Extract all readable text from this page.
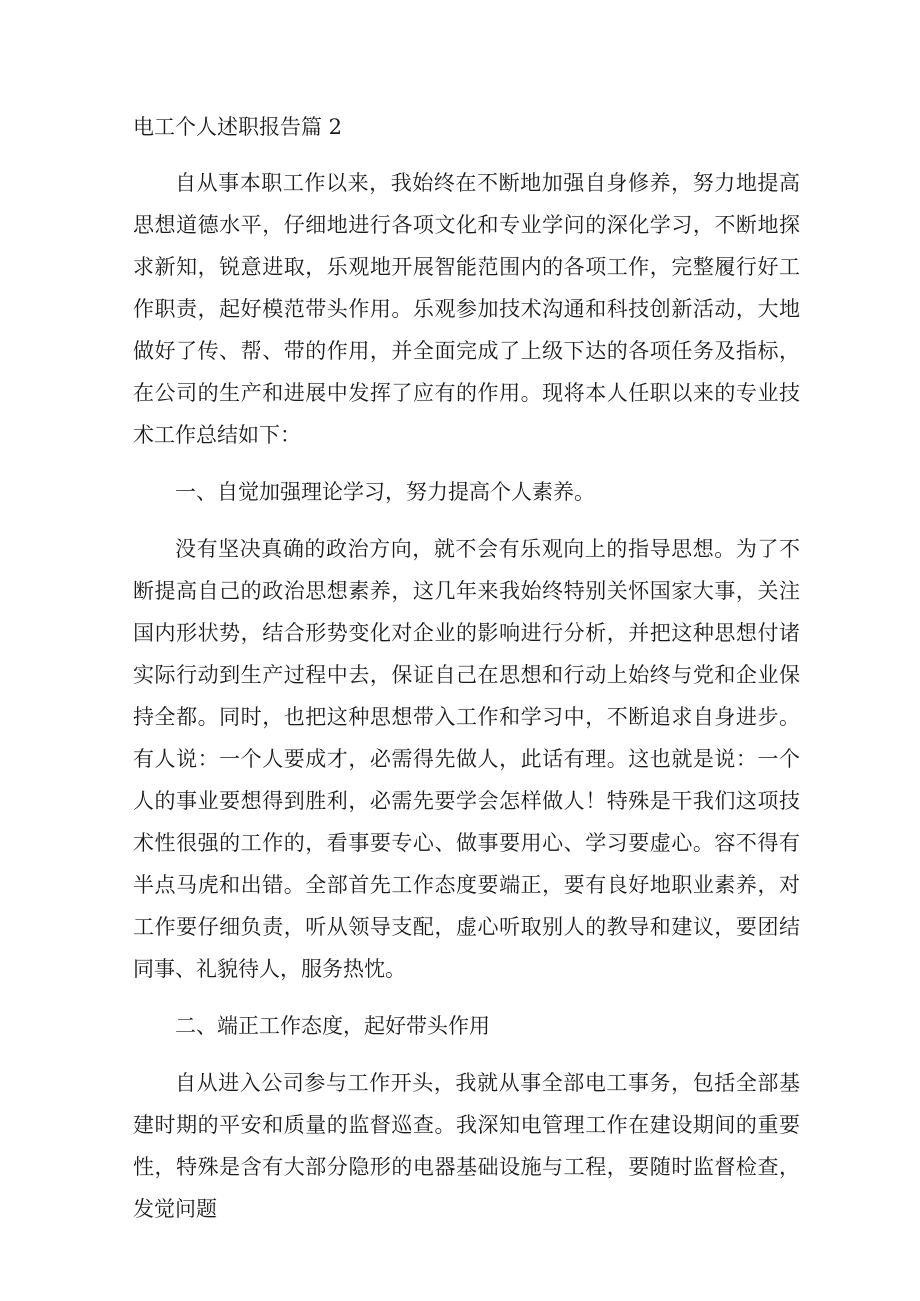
电工个人述职报告篇 2

自从事本职工作以来，我始终在不断地加强自身修养，努力地提高思想道德水平，仔细地进行各项文化和专业学问的深化学习，不断地探求新知，锐意进取，乐观地开展智能范围内的各项工作，完整履行好工作职责，起好模范带头作用。乐观参加技术沟通和科技创新活动，大地做好了传、帮、带的作用，并全面完成了上级下达的各项任务及指标，在公司的生产和进展中发挥了应有的作用。现将本人任职以来的专业技术工作总结如下：

一、自觉加强理论学习，努力提高个人素养。

没有坚决真确的政治方向，就不会有乐观向上的指导思想。为了不断提高自己的政治思想素养，这几年来我始终特别关怀国家大事，关注国内形状势，结合形势变化对企业的影响进行分析，并把这种思想付诸实际行动到生产过程中去，保证自己在思想和行动上始终与党和企业保持全都。同时，也把这种思想带入工作和学习中，不断追求自身进步。有人说：一个人要成才，必需得先做人，此话有理。这也就是说：一个人的事业要想得到胜利，必需先要学会怎样做人！特殊是干我们这项技术性很强的工作的，看事要专心、做事要用心、学习要虚心。容不得有半点马虎和出错。全部首先工作态度要端正，要有良好地职业素养，对工作要仔细负责，听从领导支配，虚心听取别人的教导和建议，要团结同事、礼貌待人，服务热忱。

二、端正工作态度，起好带头作用

自从进入公司参与工作开头，我就从事全部电工事务，包括全部基建时期的平安和质量的监督巡查。我深知电管理工作在建设期间的重要性，特殊是含有大部分隐形的电器基础设施与工程，要随时监督检查，发觉问题
